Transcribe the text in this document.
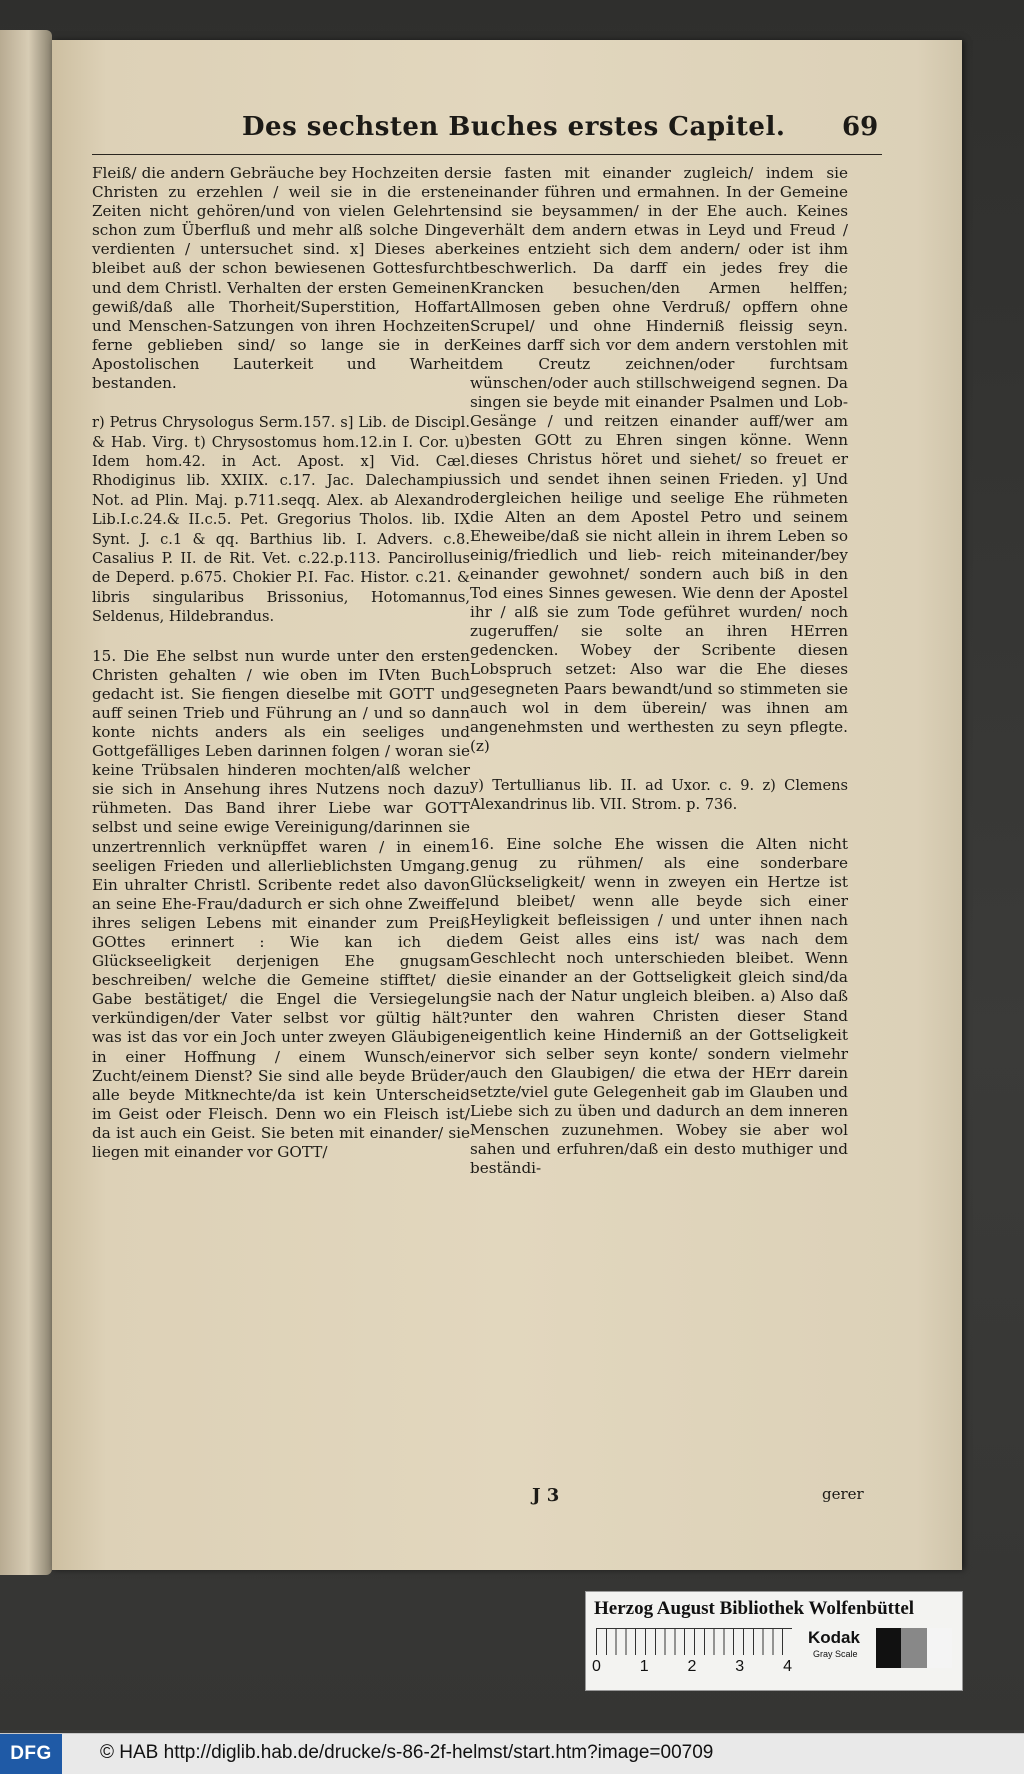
Des sechsten Buches erstes Capitel.	69

Fleiß/ die andern Gebräuche bey Hochzeiten der Christen zu erzehlen / weil sie in die ersten Zeiten nicht gehören/und von vielen Gelehrten schon zum Überfluß und mehr alß solche Dinge verdienten / untersuchet sind. x] Dieses aber bleibet auß der schon bewiesenen Gottesfurcht und dem Christl. Verhalten der ersten Gemeinen gewiß/daß alle Thorheit/Superstition, Hoffart und Menschen-Satzungen von ihren Hochzeiten ferne geblieben sind/ so lange sie in der Apostolischen Lauterkeit und Warheit bestanden.

r) Petrus Chrysologus Serm.157. s] Lib. de Discipl. & Hab. Virg. t) Chrysostomus hom.12.in I. Cor. u) Idem hom.42. in Act. Apost. x] Vid. Cæl. Rhodiginus lib. XXIIX. c.17. Jac. Dalechampius Not. ad Plin. Maj. p.711.seqq. Alex. ab Alexandro Lib.I.c.24.& II.c.5. Pet. Gregorius Tholos. lib. IX Synt. J. c.1 & qq. Barthius lib. I. Advers. c.8. Casalius P. II. de Rit. Vet. c.22.p.113. Pancirollus de Deperd. p.675. Chokier P.I. Fac. Histor. c.21. & libris singularibus Brissonius, Hotomannus, Seldenus, Hildebrandus.

15. Die Ehe selbst nun wurde unter den ersten Christen gehalten / wie oben im IVten Buch gedacht ist. Sie fiengen dieselbe mit GOTT und auff seinen Trieb und Führung an / und so dann konte nichts anders als ein seeliges und Gottgefälliges Leben darinnen folgen / woran sie keine Trübsalen hinderen mochten/alß welcher sie sich in Ansehung ihres Nutzens noch dazu rühmeten. Das Band ihrer Liebe war GOTT selbst und seine ewige Vereinigung/darinnen sie unzertrennlich verknüpffet waren / in einem seeligen Frieden und allerlieblichsten Umgang. Ein uhralter Christl. Scribente redet also davon an seine Ehe-Frau/dadurch er sich ohne Zweiffel ihres seligen Lebens mit einander zum Preiß GOttes erinnert : Wie kan ich die Glückseeligkeit derjenigen Ehe gnugsam beschreiben/ welche die Gemeine stifftet/ die Gabe bestätiget/ die Engel die Versiegelung verkündigen/der Vater selbst vor gültig hält? was ist das vor ein Joch unter zweyen Gläubigen in einer Hoffnung / einem Wunsch/einer Zucht/einem Dienst? Sie sind alle beyde Brüder/ alle beyde Mitknechte/da ist kein Unterscheid im Geist oder Fleisch. Denn wo ein Fleisch ist/ da ist auch ein Geist. Sie beten mit einander/ sie liegen mit einander vor GOTT/

sie fasten mit einander zugleich/ indem sie einander führen und ermahnen. In der Gemeine sind sie beysammen/ in der Ehe auch. Keines verhält dem andern etwas in Leyd und Freud / keines entzieht sich dem andern/ oder ist ihm beschwerlich. Da darff ein jedes frey die Krancken besuchen/den Armen helffen; Allmosen geben ohne Verdruß/ opffern ohne Scrupel/ und ohne Hinderniß fleissig seyn. Keines darff sich vor dem andern verstohlen mit dem Creutz zeichnen/oder furchtsam wünschen/oder auch stillschweigend segnen. Da singen sie beyde mit einander Psalmen und Lob-Gesänge / und reitzen einander auff/wer am besten GOtt zu Ehren singen könne. Wenn dieses Christus höret und siehet/ so freuet er sich und sendet ihnen seinen Frieden. y] Und dergleichen heilige und seelige Ehe rühmeten die Alten an dem Apostel Petro und seinem Eheweibe/daß sie nicht allein in ihrem Leben so einig/friedlich und lieb- reich miteinander/bey einander gewohnet/ sondern auch biß in den Tod eines Sinnes gewesen. Wie denn der Apostel ihr / alß sie zum Tode geführet wurden/ noch zugeruffen/ sie solte an ihren HErren gedencken. Wobey der Scribente diesen Lobspruch setzet: Also war die Ehe dieses gesegneten Paars bewandt/und so stimmeten sie auch wol in dem überein/ was ihnen am angenehmsten und werthesten zu seyn pflegte. (z)

y) Tertullianus lib. II. ad Uxor. c. 9. z) Clemens Alexandrinus lib. VII. Strom. p. 736.

16. Eine solche Ehe wissen die Alten nicht genug zu rühmen/ als eine sonderbare Glückseligkeit/ wenn in zweyen ein Hertze ist und bleibet/ wenn alle beyde sich einer Heyligkeit befleissigen / und unter ihnen nach dem Geist alles eins ist/ was nach dem Geschlecht noch unterschieden bleibet. Wenn sie einander an der Gottseligkeit gleich sind/da sie nach der Natur ungleich bleiben. a) Also daß unter den wahren Christen dieser Stand eigentlich keine Hinderniß an der Gottseligkeit vor sich selber seyn konte/ sondern vielmehr auch den Glaubigen/ die etwa der HErr darein setzte/viel gute Gelegenheit gab im Glauben und Liebe sich zu üben und dadurch an dem inneren Menschen zuzunehmen. Wobey sie aber wol sahen und erfuhren/daß ein desto muthiger und beständi-

J 3	gerer
Herzog August Bibliothek Wolfenbüttel
0 1 2 3 4
Kodak
Gray Scale
DFG	© HAB http://diglib.hab.de/drucke/s-86-2f-helmst/start.htm?image=00709
